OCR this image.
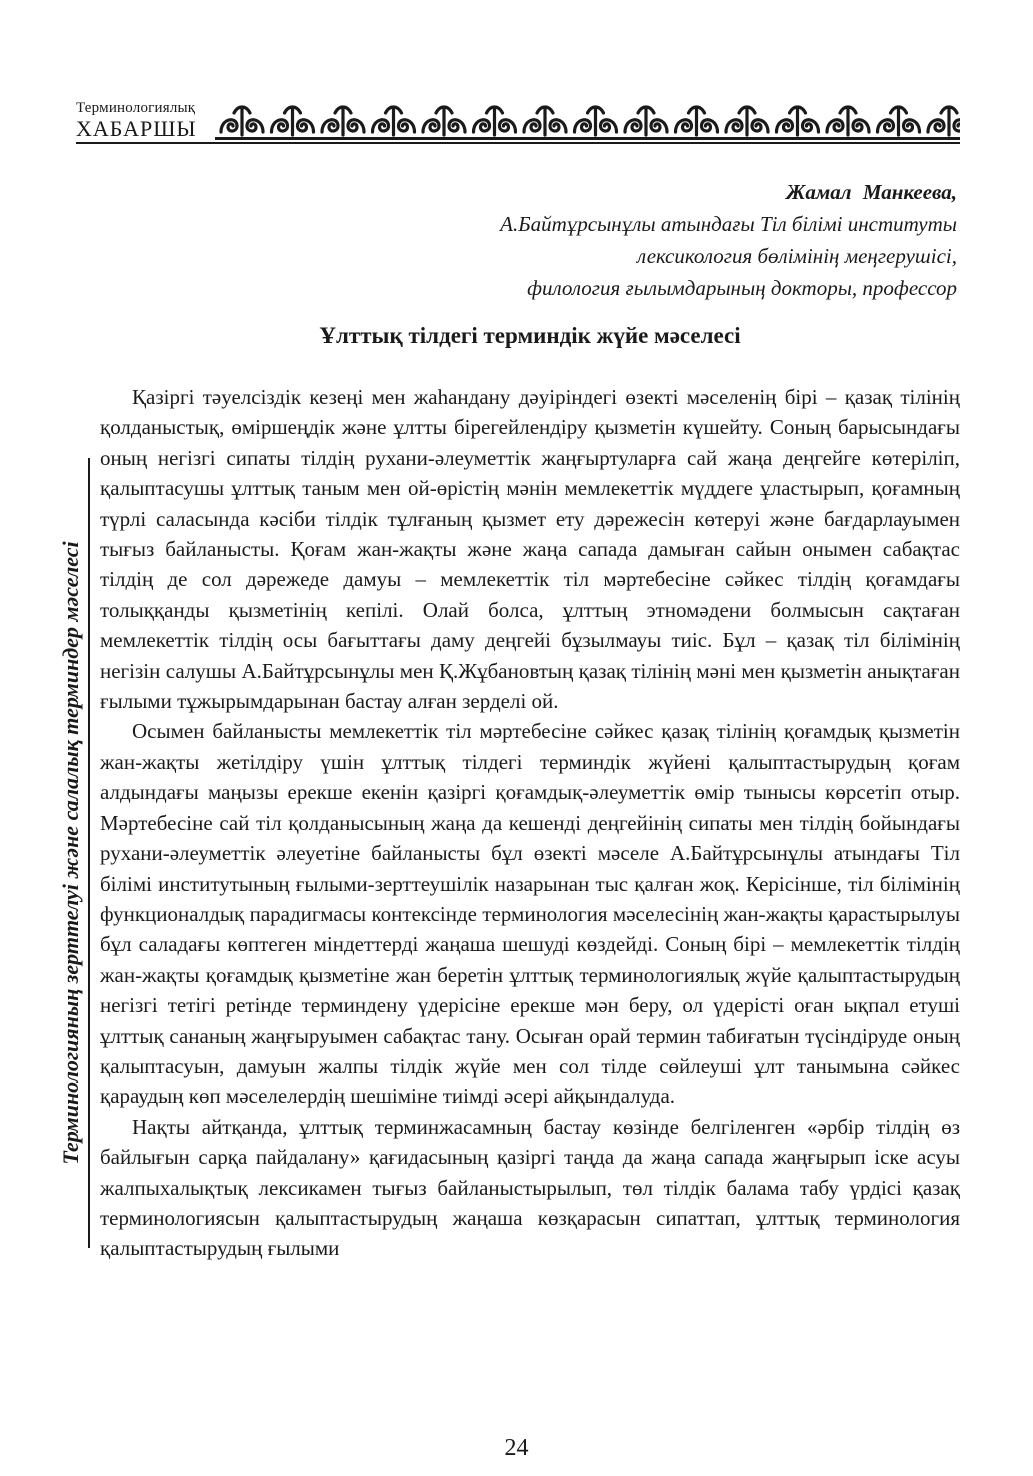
Терминологиялық
ХАБАРШЫ
Жамал Манкеева,
А.Байтұрсынұлы атындағы Тіл білімі институты
лексикология бөлімінің меңгерушісі,
филология ғылымдарының докторы, профессор
Ұлттық тілдегі терминдік жүйе мәселесі

Қазіргі тәуелсіздік кезеңі мен жаһандану дәуіріндегі өзекті мәселенің бірі – қазақ тілінің қолданыстық, өміршеңдік және ұлтты бірегейлендіру қызметін күшейту. Соның барысындағы оның негізгі сипаты тілдің рухани-әлеуметтік жаңғыртуларға сай жаңа деңгейге көтеріліп, қалыптасушы ұлттық таным мен ой-өрістің мәнін мемлекеттік мүддеге ұластырып, қоғамның түрлі саласында кәсіби тілдік тұлғаның қызмет ету дәрежесін көтеруі және бағдарлауымен тығыз байланысты. Қоғам жан-жақты және жаңа сапада дамыған сайын онымен сабақтас тілдің де сол дәрежеде дамуы – мемлекеттік тіл мәртебесіне сәйкес тілдің қоғамдағы толыққанды қызметінің кепілі. Олай болса, ұлттың этномәдени болмысын сақтаған мемлекеттік тілдің осы бағыттағы даму деңгейі бұзылмауы тиіс. Бұл – қазақ тіл білімінің негізін салушы А.Байтұрсынұлы мен Қ.Жұбановтың қазақ тілінің мәні мен қызметін анықтаған ғылыми тұжырымдарынан бастау алған зерделі ой.

Осымен байланысты мемлекеттік тіл мәртебесіне сәйкес қазақ тілінің қоғамдық қызметін жан-жақты жетілдіру үшін ұлттық тілдегі терминдік жүйені қалыптастырудың қоғам алдындағы маңызы ерекше екенін қазіргі қоғамдық-әлеуметтік өмір тынысы көрсетіп отыр. Мәртебесіне сай тіл қолданысының жаңа да кешенді деңгейінің сипаты мен тілдің бойындағы рухани-әлеуметтік әлеуетіне байланысты бұл өзекті мәселе А.Байтұрсынұлы атындағы Тіл білімі институтының ғылыми-зерттеушілік назарынан тыс қалған жоқ. Керісінше, тіл білімінің функционалдық парадигмасы контексінде терминология мәселесінің жан-жақты қарастырылуы бұл саладағы көптеген міндеттерді жаңаша шешуді көздейді. Соның бірі – мемлекеттік тілдің жан-жақты қоғамдық қызметіне жан беретін ұлттық терминологиялық жүйе қалыптастырудың негізгі тетігі ретінде терминдену үдерісіне ерекше мән беру, ол үдерісті оған ықпал етуші ұлттық сананың жаңғыруымен сабақтас тану. Осыған орай термин табиғатын түсіндіруде оның қалыптасуын, дамуын жалпы тілдік жүйе мен сол тілде сөйлеуші ұлт танымына сәйкес қараудың көп мәселелердің шешіміне тиімді әсері айқындалуда.

Нақты айтқанда, ұлттық терминжасамның бастау көзінде белгіленген «әрбір тілдің өз байлығын сарқа пайдалану» қағидасының қазіргі таңда да жаңа сапада жаңғырып іске асуы жалпыхалықтық лексикамен тығыз байланыстырылып, төл тілдік балама табу үрдісі қазақ терминологиясын қалыптастырудың жаңаша көзқарасын сипаттап, ұлттық терминология қалыптастырудың ғылыми

Терминологияның зерттелуі және салалық терминдер мәселесі
24
